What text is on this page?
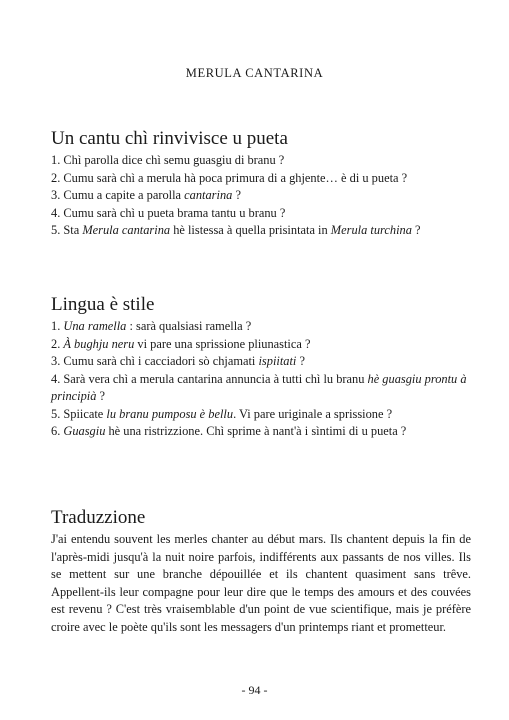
MERULA CANTARINA
Un cantu chì rinvivisce u pueta

1. Chì parolla dice chì semu guasgiu di branu ?

2. Cumu sarà chì a merula hà poca primura di a ghjente… è di u pueta ?

3. Cumu a capite a parolla cantarina ?

4. Cumu sarà chì u pueta brama tantu u branu ?

5. Sta Merula cantarina hè listessa à quella prisintata in Merula turchina ?

Lingua è stile

1. Una ramella : sarà qualsiasi ramella ?

2. À bughju neru vi pare una sprissione pliunastica ?

3. Cumu sarà chì i cacciadori sò chjamati ispiitati ?

4. Sarà vera chì a merula cantarina annuncia à tutti chì lu branu hè guasgiu prontu à principià ?

5. Spiicate lu branu pumposu è bellu. Vi pare uriginale a sprissione ?

6. Guasgiu hè una ristrizzione. Chì sprime à nant'à i sìntimi di u pueta ?

Traduzzione

J'ai entendu souvent les merles chanter au début mars. Ils chantent depuis la fin de l'après-midi jusqu'à la nuit noire parfois, indifférents aux passants de nos villes. Ils se mettent sur une branche dépouillée et ils chantent quasiment sans trêve. Appellent-ils leur compagne pour leur dire que le temps des amours et des couvées est revenu ? C'est très vraisemblable d'un point de vue scientifique, mais je préfère croire avec le poète qu'ils sont les messagers d'un printemps riant et prometteur.

- 94 -
